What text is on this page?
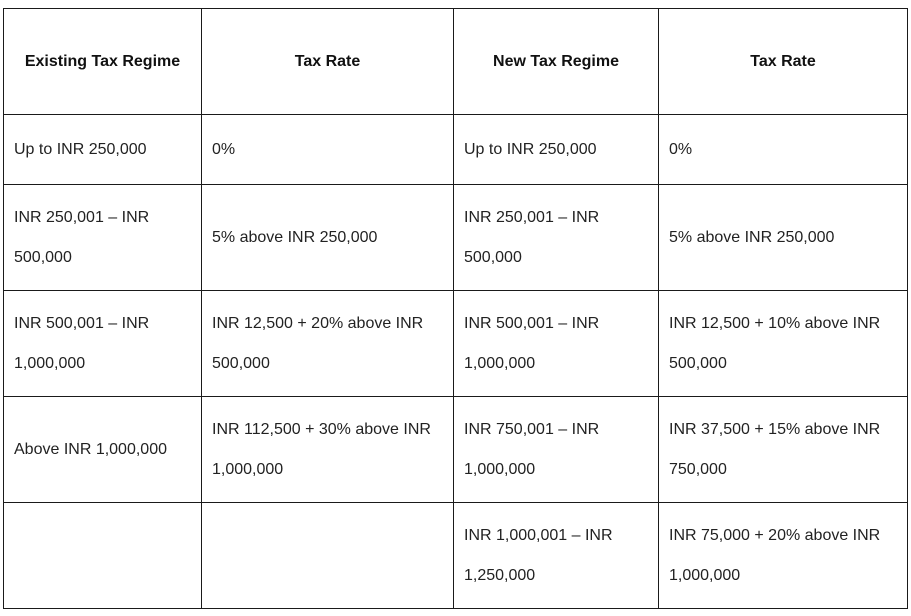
Existing Tax Regime	Tax Rate	New Tax Regime	Tax Rate
Up to INR 250,000	0%	Up to INR 250,000	0%
INR 250,001 – INR 500,000	5% above INR 250,000	INR 250,001 – INR 500,000	5% above INR 250,000
INR 500,001 – INR 1,000,000	INR 12,500 + 20% above INR 500,000	INR 500,001 – INR 1,000,000	INR 12,500 + 10% above INR 500,000
Above INR 1,000,000	INR 112,500 + 30% above INR 1,000,000	INR 750,001 – INR 1,000,000	INR 37,500 + 15% above INR 750,000
		INR 1,000,001 – INR 1,250,000	INR 75,000 + 20% above INR 1,000,000
